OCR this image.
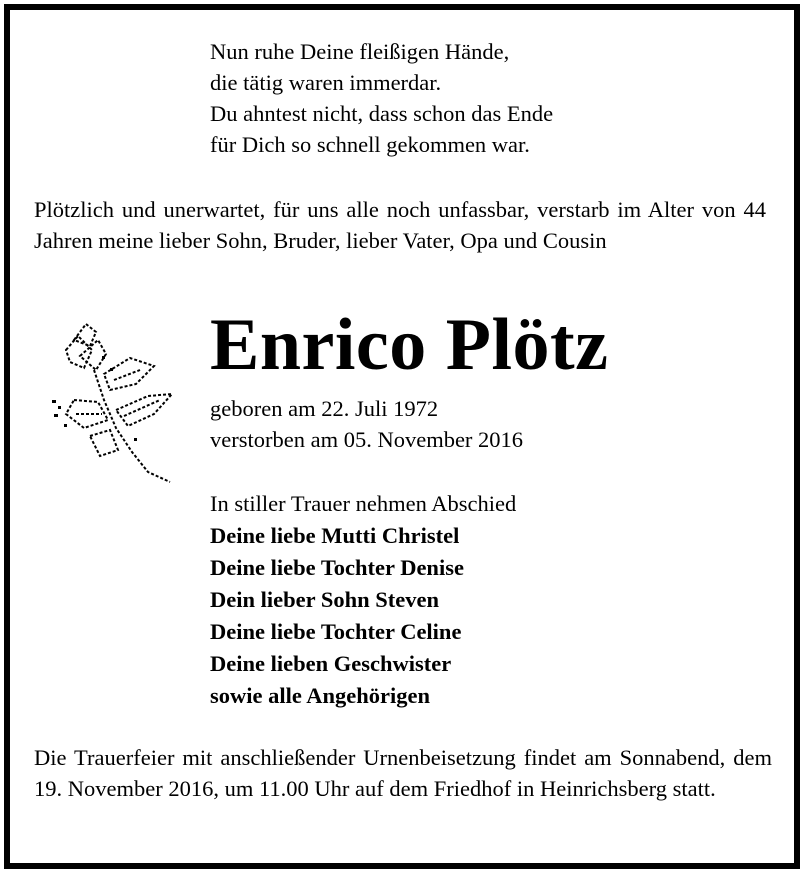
Nun ruhe Deine fleißigen Hände,
die tätig waren immerdar.
Du ahntest nicht, dass schon das Ende
für Dich so schnell gekommen war.
Plötzlich und unerwartet, für uns alle noch unfassbar, verstarb im Alter von 44 Jahren meine lieber Sohn, Bruder, lieber Vater, Opa und Cousin
Enrico Plötz
geboren am 22. Juli 1972
verstorben am 05. November 2016
In stiller Trauer nehmen Abschied
Deine liebe Mutti Christel
Deine liebe Tochter Denise
Dein lieber Sohn Steven
Deine liebe Tochter Celine
Deine lieben Geschwister
sowie alle Angehörigen
Die Trauerfeier mit anschließender Urnenbeisetzung findet am Sonnabend, dem 19. November 2016, um 11.00 Uhr auf dem Friedhof in Heinrichsberg statt.
